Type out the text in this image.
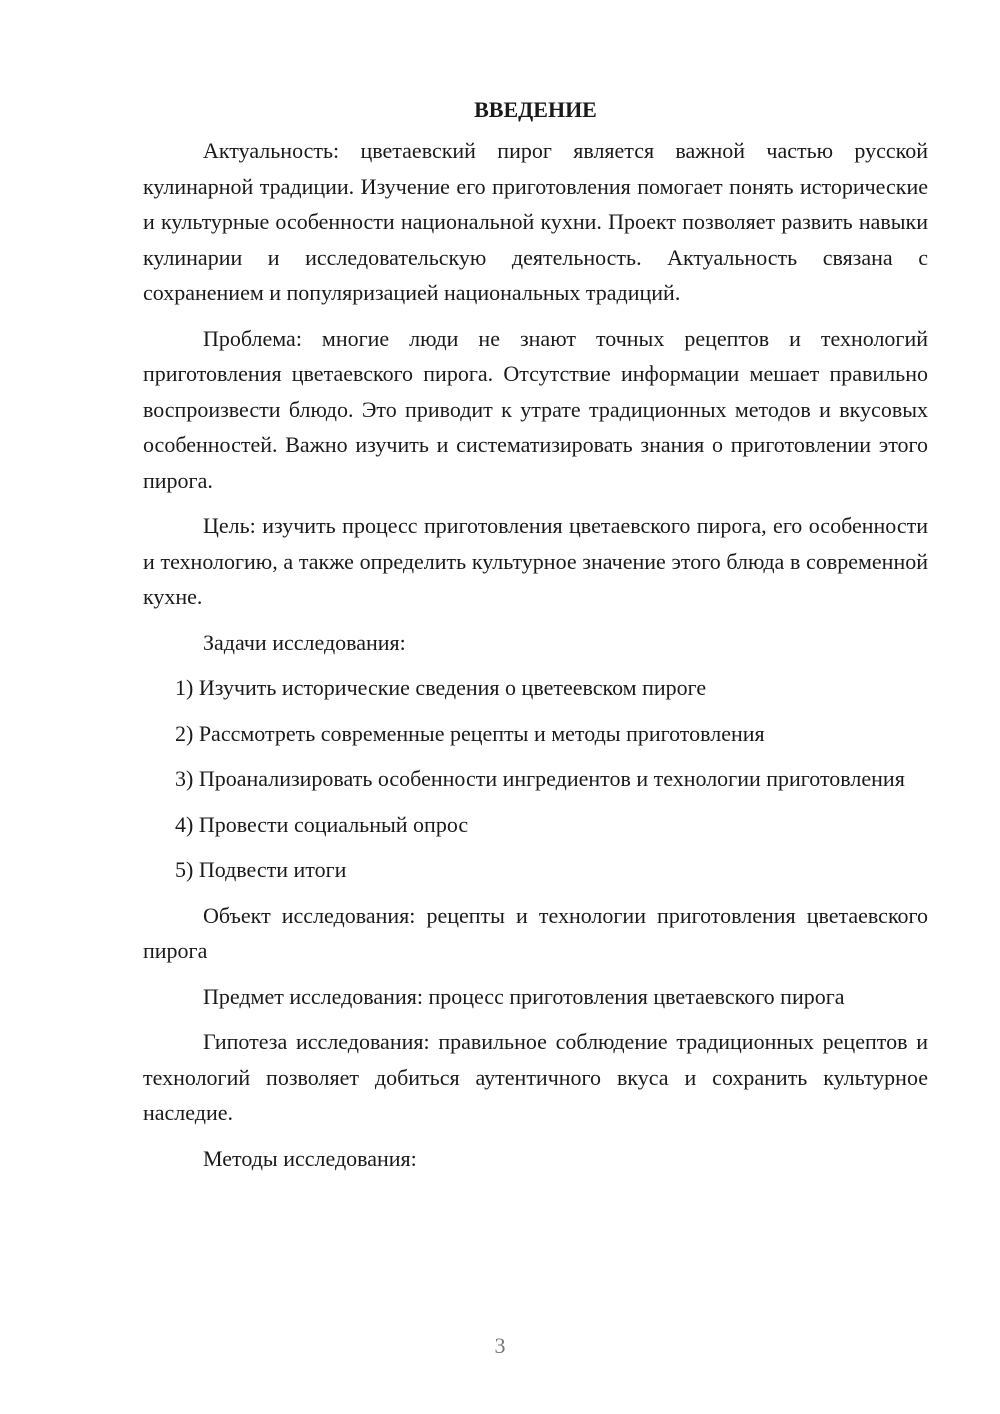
ВВЕДЕНИЕ

Актуальность: цветаевский пирог является важной частью русской кулинарной традиции. Изучение его приготовления помогает понять исторические и культурные особенности национальной кухни. Проект позволяет развить навыки кулинарии и исследовательскую деятельность. Актуальность связана с сохранением и популяризацией национальных традиций.

Проблема: многие люди не знают точных рецептов и технологий приготовления цветаевского пирога. Отсутствие информации мешает правильно воспроизвести блюдо. Это приводит к утрате традиционных методов и вкусовых особенностей. Важно изучить и систематизировать знания о приготовлении этого пирога.

Цель: изучить процесс приготовления цветаевского пирога, его особенности и технологию, а также определить культурное значение этого блюда в современной кухне.

Задачи исследования:

1) Изучить исторические сведения о цветеевском пироге

2) Рассмотреть современные рецепты и методы приготовления

3) Проанализировать особенности ингредиентов и технологии приготовления

4) Провести социальный опрос

5) Подвести итоги

Объект исследования: рецепты и технологии приготовления цветаевского пирога

Предмет исследования: процесс приготовления цветаевского пирога

Гипотеза исследования: правильное соблюдение традиционных рецептов и технологий позволяет добиться аутентичного вкуса и сохранить культурное наследие.

Методы исследования:

3
